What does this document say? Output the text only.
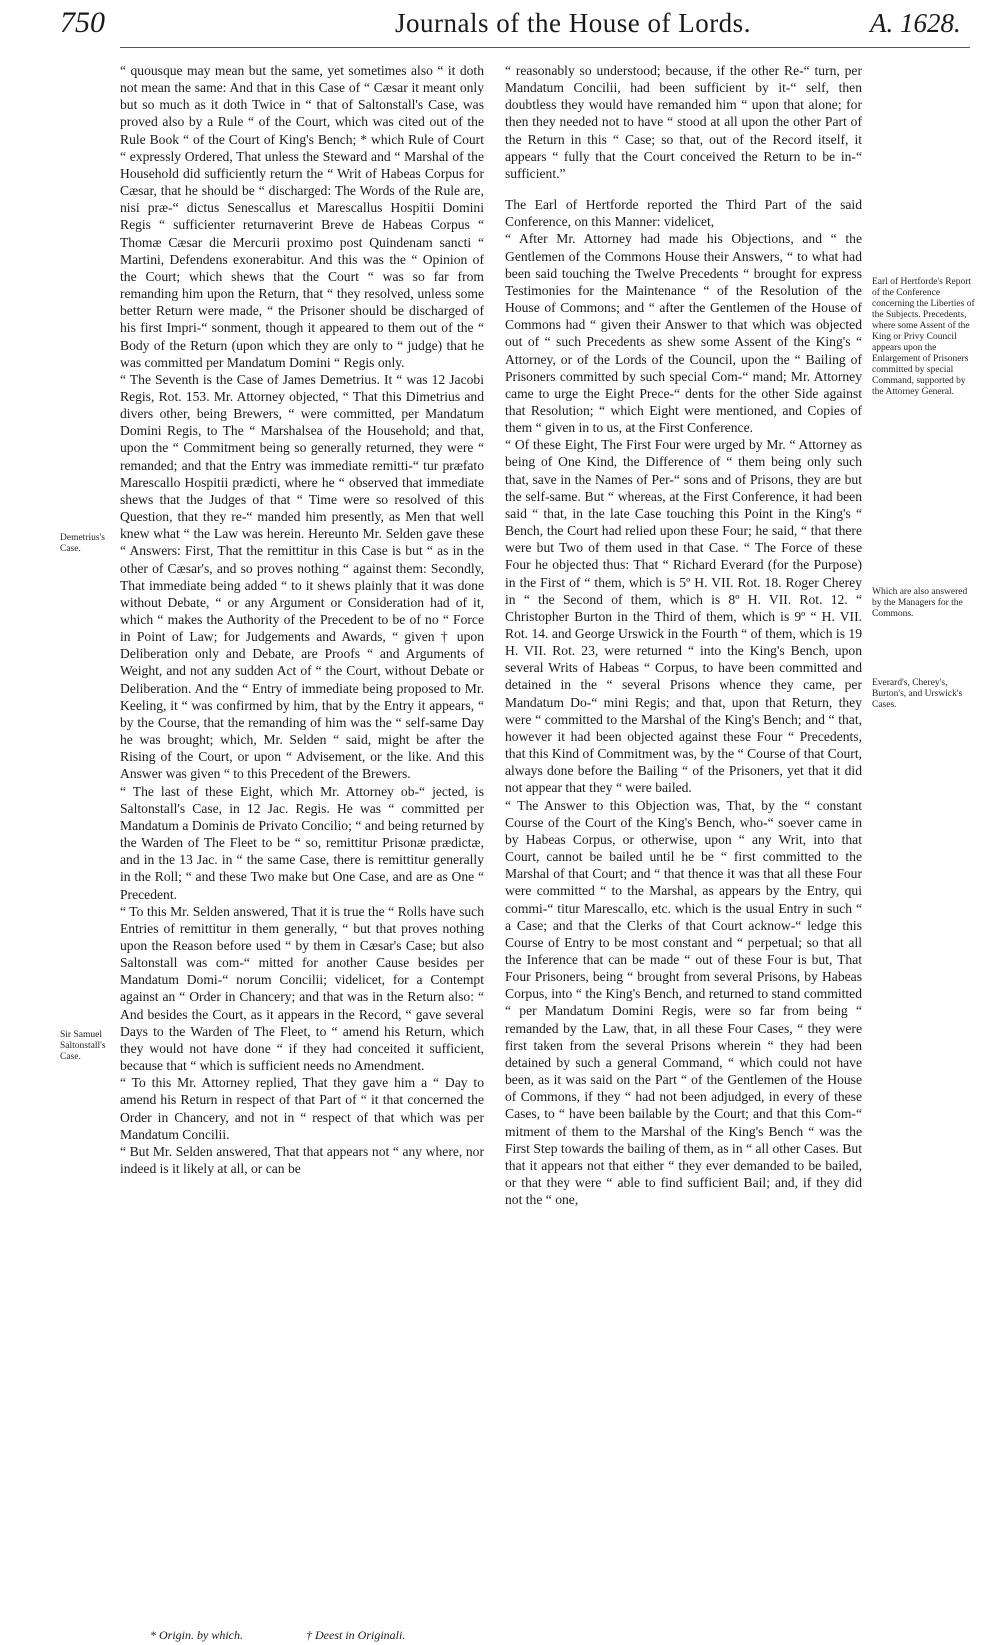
750	Journals of the House of Lords.	A. 1628.

“ quousque may mean but the same, yet sometimes also “ it doth not mean the same: And that in this Case of “ Cæsar it meant only but so much as it doth Twice in “ that of Saltonstall's Case, was proved also by a Rule “ of the Court, which was cited out of the Rule Book “ of the Court of King's Bench; * which Rule of Court “ expressly Ordered, That unless the Steward and “ Marshal of the Household did sufficiently return the “ Writ of Habeas Corpus for Cæsar, that he should be “ discharged: The Words of the Rule are, nisi præ-“ dictus Senescallus et Marescallus Hospitii Domini Regis “ sufficienter returnaverint Breve de Habeas Corpus “ Thomæ Cæsar die Mercurii proximo post Quindenam sancti “ Martini, Defendens exonerabitur. And this was the “ Opinion of the Court; which shews that the Court “ was so far from remanding him upon the Return, that “ they resolved, unless some better Return were made, “ the Prisoner should be discharged of his first Impri-“ sonment, though it appeared to them out of the “ Body of the Return (upon which they are only to “ judge) that he was committed per Mandatum Domini “ Regis only.

“ The Seventh is the Case of James Demetrius. It “ was 12 Jacobi Regis, Rot. 153. Mr. Attorney objected, “ That this Dimetrius and divers other, being Brewers, “ were committed, per Mandatum Domini Regis, to The “ Marshalsea of the Household; and that, upon the “ Commitment being so generally returned, they were “ remanded; and that the Entry was immediate remitti-“ tur præfato Marescallo Hospitii prædicti, where he “ observed that immediate shews that the Judges of that “ Time were so resolved of this Question, that they re-“ manded him presently, as Men that well knew what “ the Law was herein. Hereunto Mr. Selden gave these “ Answers: First, That the remittitur in this Case is but “ as in the other of Cæsar's, and so proves nothing “ against them: Secondly, That immediate being added “ to it shews plainly that it was done without Debate, “ or any Argument or Consideration had of it, which “ makes the Authority of the Precedent to be of no “ Force in Point of Law; for Judgements and Awards, “ given † upon Deliberation only and Debate, are Proofs “ and Arguments of Weight, and not any sudden Act of “ the Court, without Debate or Deliberation. And the “ Entry of immediate being proposed to Mr. Keeling, it “ was confirmed by him, that by the Entry it appears, “ by the Course, that the remanding of him was the “ self-same Day he was brought; which, Mr. Selden “ said, might be after the Rising of the Court, or upon “ Advisement, or the like. And this Answer was given “ to this Precedent of the Brewers.

“ The last of these Eight, which Mr. Attorney ob-“ jected, is Saltonstall's Case, in 12 Jac. Regis. He was “ committed per Mandatum a Dominis de Privato Concilio; “ and being returned by the Warden of The Fleet to be “ so, remittitur Prisonæ prædictæ, and in the 13 Jac. in “ the same Case, there is remittitur generally in the Roll; “ and these Two make but One Case, and are as One “ Precedent.

“ To this Mr. Selden answered, That it is true the “ Rolls have such Entries of remittitur in them generally, “ but that proves nothing upon the Reason before used “ by them in Cæsar's Case; but also Saltonstall was com-“ mitted for another Cause besides per Mandatum Domi-“ norum Concilii; videlicet, for a Contempt against an “ Order in Chancery; and that was in the Return also: “ And besides the Court, as it appears in the Record, “ gave several Days to the Warden of The Fleet, to “ amend his Return, which they would not have done “ if they had conceited it sufficient, because that “ which is sufficient needs no Amendment.

“ To this Mr. Attorney replied, That they gave him a “ Day to amend his Return in respect of that Part of “ it that concerned the Order in Chancery, and not in “ respect of that which was per Mandatum Concilii.

“ But Mr. Selden answered, That that appears not “ any where, nor indeed is it likely at all, or can be

“ reasonably so understood; because, if the other Re-“ turn, per Mandatum Concilii, had been sufficient by it-“ self, then doubtless they would have remanded him “ upon that alone; for then they needed not to have “ stood at all upon the other Part of the Return in this “ Case; so that, out of the Record itself, it appears “ fully that the Court conceived the Return to be in-“ sufficient.”

The Earl of Hertforde reported the Third Part of the said Conference, on this Manner: videlicet,

“ After Mr. Attorney had made his Objections, and “ the Gentlemen of the Commons House their Answers, “ to what had been said touching the Twelve Precedents “ brought for express Testimonies for the Maintenance “ of the Resolution of the House of Commons; and “ after the Gentlemen of the House of Commons had “ given their Answer to that which was objected out of “ such Precedents as shew some Assent of the King's “ Attorney, or of the Lords of the Council, upon the “ Bailing of Prisoners committed by such special Com-“ mand; Mr. Attorney came to urge the Eight Prece-“ dents for the other Side against that Resolution; “ which Eight were mentioned, and Copies of them “ given in to us, at the First Conference.

“ Of these Eight, The First Four were urged by Mr. “ Attorney as being of One Kind, the Difference of “ them being only such that, save in the Names of Per-“ sons and of Prisons, they are but the self-same. But “ whereas, at the First Conference, it had been said “ that, in the late Case touching this Point in the King's “ Bench, the Court had relied upon these Four; he said, “ that there were but Two of them used in that Case. “ The Force of these Four he objected thus: That “ Richard Everard (for the Purpose) in the First of “ them, which is 5º H. VII. Rot. 18. Roger Cherey in “ the Second of them, which is 8º H. VII. Rot. 12. “ Christopher Burton in the Third of them, which is 9º “ H. VII. Rot. 14. and George Urswick in the Fourth “ of them, which is 19 H. VII. Rot. 23, were returned “ into the King's Bench, upon several Writs of Habeas “ Corpus, to have been committed and detained in the “ several Prisons whence they came, per Mandatum Do-“ mini Regis; and that, upon that Return, they were “ committed to the Marshal of the King's Bench; and “ that, however it had been objected against these Four “ Precedents, that this Kind of Commitment was, by the “ Course of that Court, always done before the Bailing “ of the Prisoners, yet that it did not appear that they “ were bailed.

“ The Answer to this Objection was, That, by the “ constant Course of the Court of the King's Bench, who-“ soever came in by Habeas Corpus, or otherwise, upon “ any Writ, into that Court, cannot be bailed until he be “ first committed to the Marshal of that Court; and “ that thence it was that all these Four were committed “ to the Marshal, as appears by the Entry, qui commi-“ titur Marescallo, etc. which is the usual Entry in such “ a Case; and that the Clerks of that Court acknow-“ ledge this Course of Entry to be most constant and “ perpetual; so that all the Inference that can be made “ out of these Four is but, That Four Prisoners, being “ brought from several Prisons, by Habeas Corpus, into “ the King's Bench, and returned to stand committed “ per Mandatum Domini Regis, were so far from being “ remanded by the Law, that, in all these Four Cases, “ they were first taken from the several Prisons wherein “ they had been detained by such a general Command, “ which could not have been, as it was said on the Part “ of the Gentlemen of the House of Commons, if they “ had not been adjudged, in every of these Cases, to “ have been bailable by the Court; and that this Com-“ mitment of them to the Marshal of the King's Bench “ was the First Step towards the bailing of them, as in “ all other Cases. But that it appears not that either “ they ever demanded to be bailed, or that they were “ able to find sufficient Bail; and, if they did not the “ one,

Demetrius's Case.
Sir Samuel Saltonstall's Case.
Earl of Hertforde's Report of the Conference concerning the Liberties of the Subjects. Precedents, where some Assent of the King or Privy Council appears upon the Enlargement of Prisoners committed by special Command, supported by the Attorney General.
Which are also answered by the Managers for the Commons.
Everard's, Cherey's, Burton's, and Urswick's Cases.
* Origin. by which.	† Deest in Originali.
